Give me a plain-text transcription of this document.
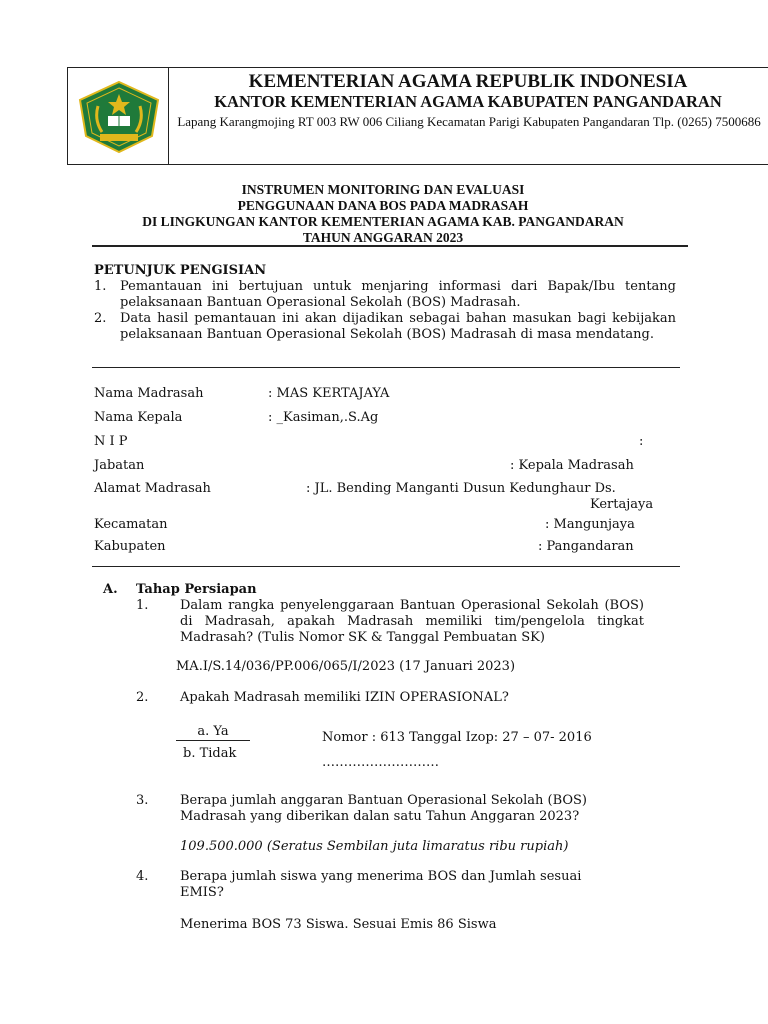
KEMENTERIAN AGAMA REPUBLIK INDONESIA
KANTOR KEMENTERIAN AGAMA KABUPATEN PANGANDARAN
Lapang Karangmojing RT 003 RW 006 Ciliang Kecamatan Parigi Kabupaten Pangandaran Tlp. (0265) 7500686
INSTRUMEN MONITORING DAN EVALUASI
PENGGUNAAN DANA BOS PADA MADRASAH
DI LINGKUNGAN KANTOR KEMENTERIAN AGAMA KAB. PANGANDARAN
TAHUN ANGGARAN 2023
PETUNJUK PENGISIAN
1. Pemantauan ini bertujuan untuk menjaring informasi dari Bapak/Ibu tentang pelaksanaan Bantuan Operasional Sekolah (BOS) Madrasah.
2. Data hasil pemantauan ini akan dijadikan sebagai bahan masukan bagi kebijakan pelaksanaan Bantuan Operasional Sekolah (BOS) Madrasah di masa mendatang.
Nama Madrasah	: MAS KERTAJAYA
Nama Kepala	: _Kasiman,.S.Ag
N I P	:
Jabatan	: Kepala Madrasah
Alamat Madrasah	: JL. Bending Manganti Dusun Kedunghaur Ds.
Kertajaya
Kecamatan	: Mangunjaya
Kabupaten	: Pangandaran
A. Tahap Persiapan
1. Dalam rangka penyelenggaraan Bantuan Operasional Sekolah (BOS) di Madrasah, apakah Madrasah memiliki tim/pengelola tingkat Madrasah? (Tulis Nomor SK & Tanggal Pembuatan SK)
MA.I/S.14/036/PP.006/065/I/2023 (17 Januari 2023)
2. Apakah Madrasah memiliki IZIN OPERASIONAL?
a. Ya
b. Tidak
Nomor : 613 Tanggal Izop: 27 – 07- 2016
………………………
3. Berapa jumlah anggaran Bantuan Operasional Sekolah (BOS) Madrasah yang diberikan dalan satu Tahun Anggaran 2023?
109.500.000 (Seratus Sembilan juta limaratus ribu rupiah)
4. Berapa jumlah siswa yang menerima BOS dan Jumlah sesuai EMIS?
Menerima BOS 73 Siswa. Sesuai Emis 86 Siswa
